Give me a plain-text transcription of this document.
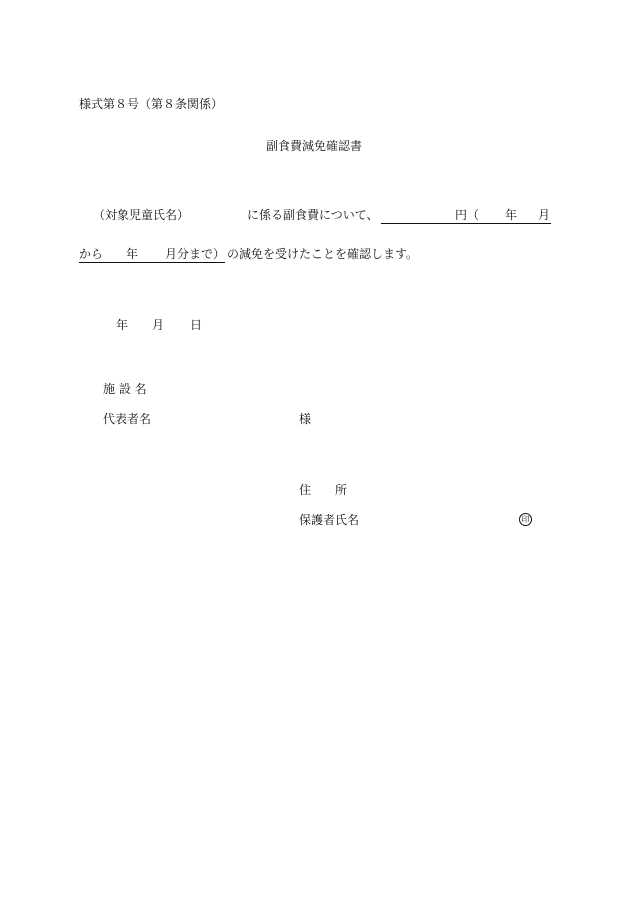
様式第８号（第８条関係）
副食費減免確認書
（対象児童氏名）	に係る副食費について、	円（ 年 月
から 年 月分まで） の減免を受けたことを確認します。
年 月 日
施 設 名
代表者名	様
住　　所
保護者氏名	印
